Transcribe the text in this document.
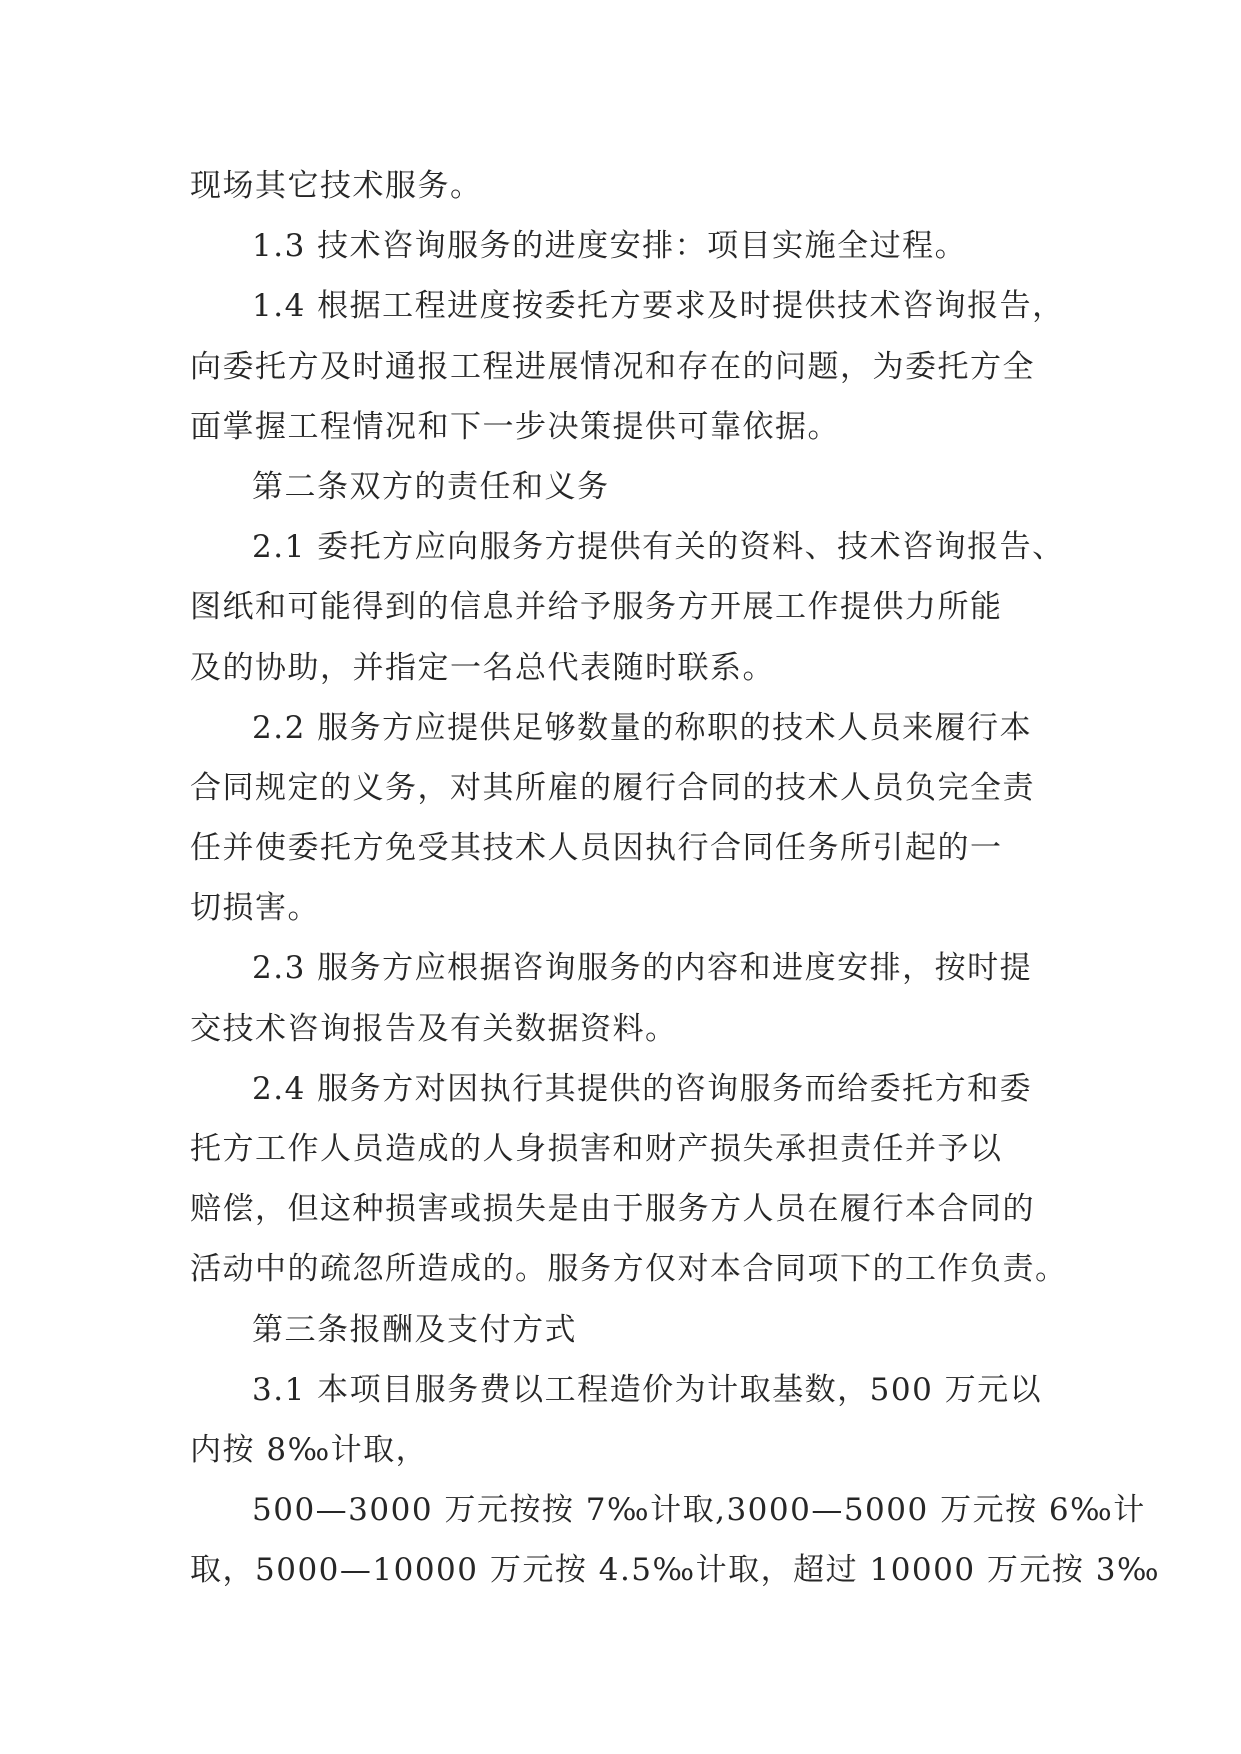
现场其它技术服务。
1.3 技术咨询服务的进度安排：项目实施全过程。
1.4 根据工程进度按委托方要求及时提供技术咨询报告，
向委托方及时通报工程进展情况和存在的问题，为委托方全
面掌握工程情况和下一步决策提供可靠依据。
第二条双方的责任和义务
2.1 委托方应向服务方提供有关的资料、技术咨询报告、
图纸和可能得到的信息并给予服务方开展工作提供力所能
及的协助，并指定一名总代表随时联系。
2.2 服务方应提供足够数量的称职的技术人员来履行本
合同规定的义务，对其所雇的履行合同的技术人员负完全责
任并使委托方免受其技术人员因执行合同任务所引起的一
切损害。
2.3 服务方应根据咨询服务的内容和进度安排，按时提
交技术咨询报告及有关数据资料。
2.4 服务方对因执行其提供的咨询服务而给委托方和委
托方工作人员造成的人身损害和财产损失承担责任并予以
赔偿，但这种损害或损失是由于服务方人员在履行本合同的
活动中的疏忽所造成的。服务方仅对本合同项下的工作负责。
第三条报酬及支付方式
3.1 本项目服务费以工程造价为计取基数，500 万元以
内按 8‰计取，
500—3000 万元按按 7‰计取,3000—5000 万元按 6‰计
取，5000—10000 万元按 4.5‰计取，超过 10000 万元按 3‰
